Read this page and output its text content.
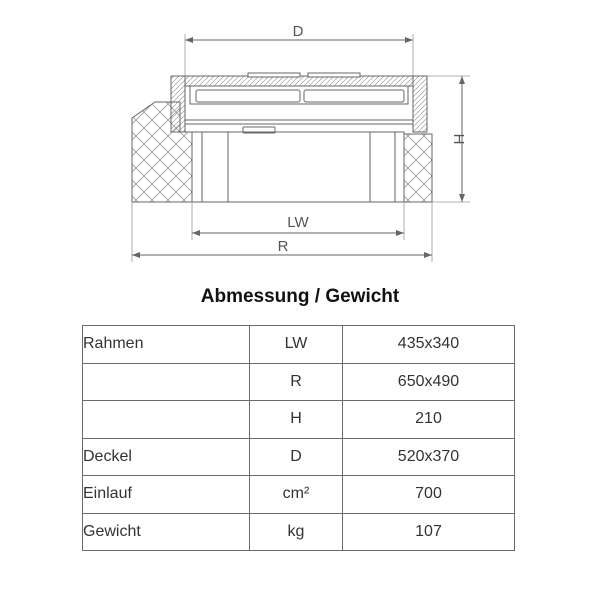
D
H
LW
R
Abmessung / Gewicht
Rahmen	LW	435x340
	R	650x490
	H	210
Deckel	D	520x370
Einlauf	cm²	700
Gewicht	kg	107
